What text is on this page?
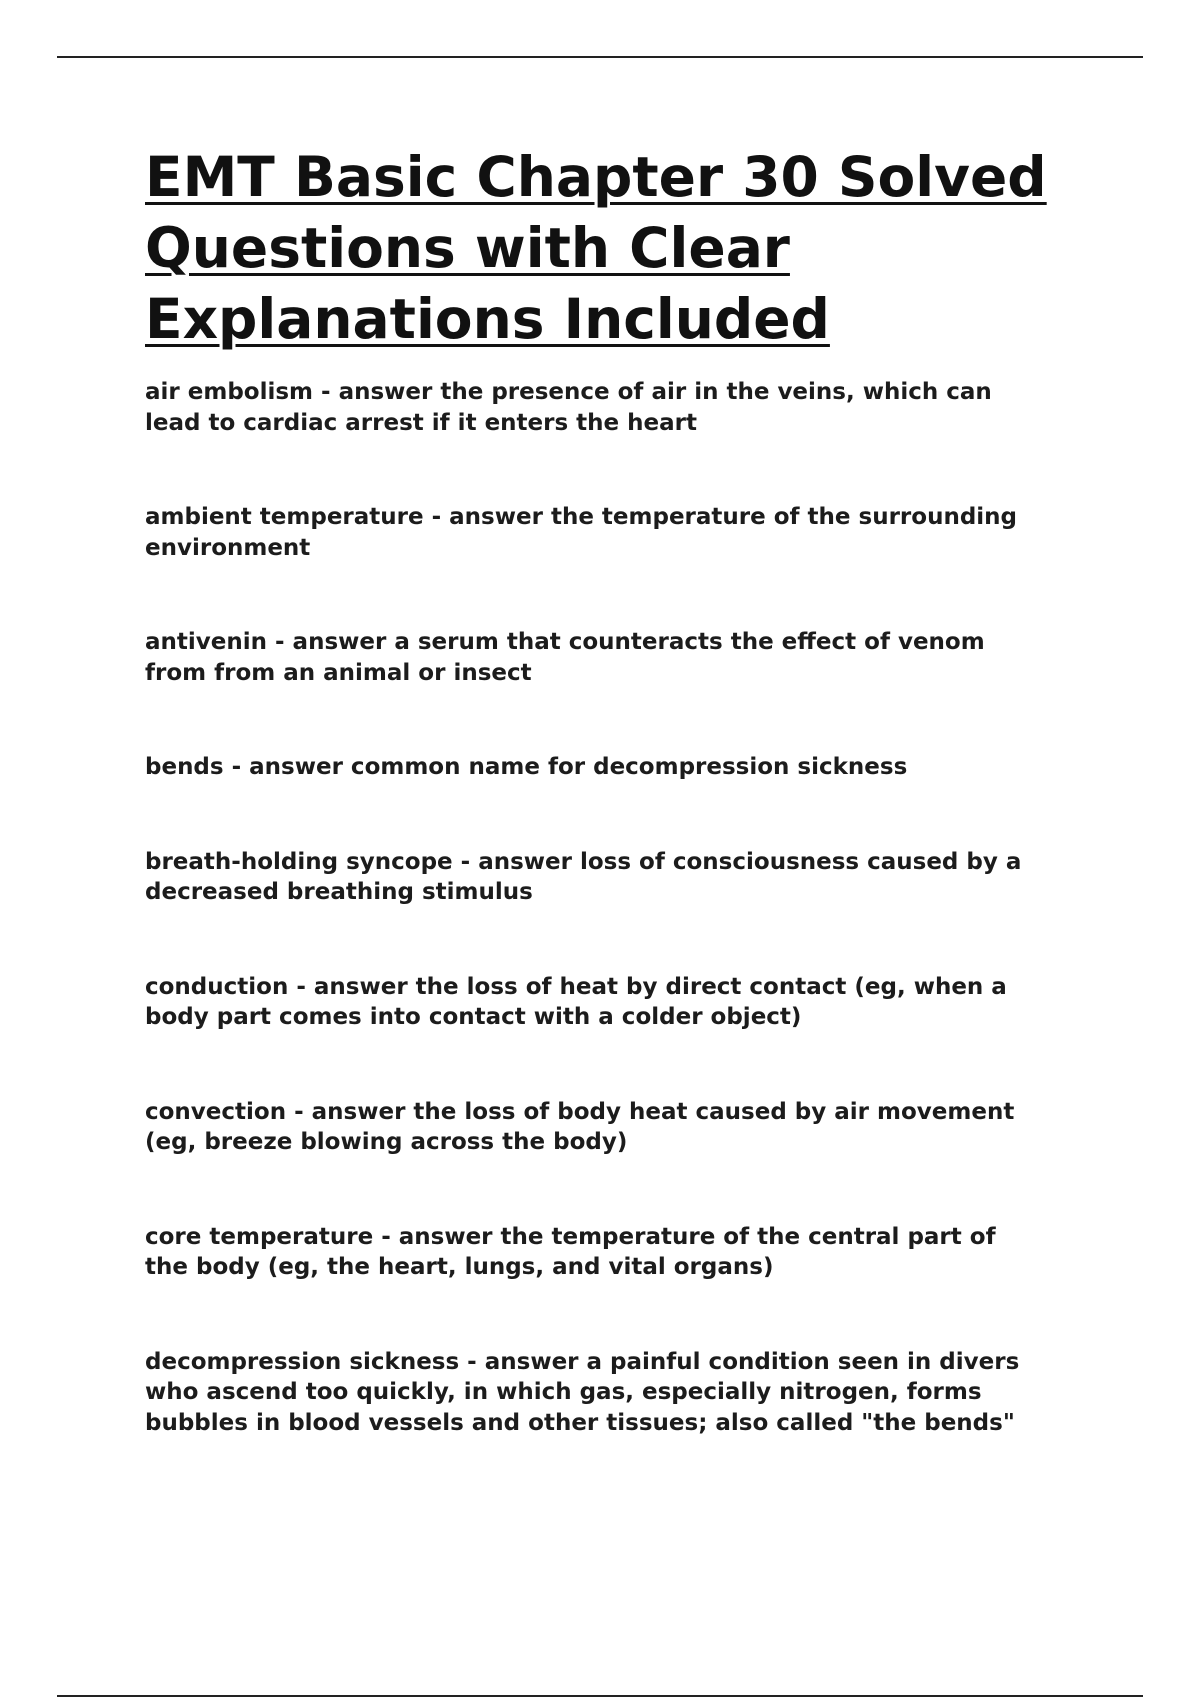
EMT Basic Chapter 30 Solved Questions with Clear Explanations Included
air embolism - answer the presence of air in the veins, which can
lead to cardiac arrest if it enters the heart
ambient temperature - answer the temperature of the surrounding
environment
antivenin - answer a serum that counteracts the effect of venom
from from an animal or insect
bends - answer common name for decompression sickness
breath-holding syncope - answer loss of consciousness caused by a
decreased breathing stimulus
conduction - answer the loss of heat by direct contact (eg, when a
body part comes into contact with a colder object)
convection - answer the loss of body heat caused by air movement
(eg, breeze blowing across the body)
core temperature - answer the temperature of the central part of
the body (eg, the heart, lungs, and vital organs)
decompression sickness - answer a painful condition seen in divers
who ascend too quickly, in which gas, especially nitrogen, forms
bubbles in blood vessels and other tissues; also called "the bends"
